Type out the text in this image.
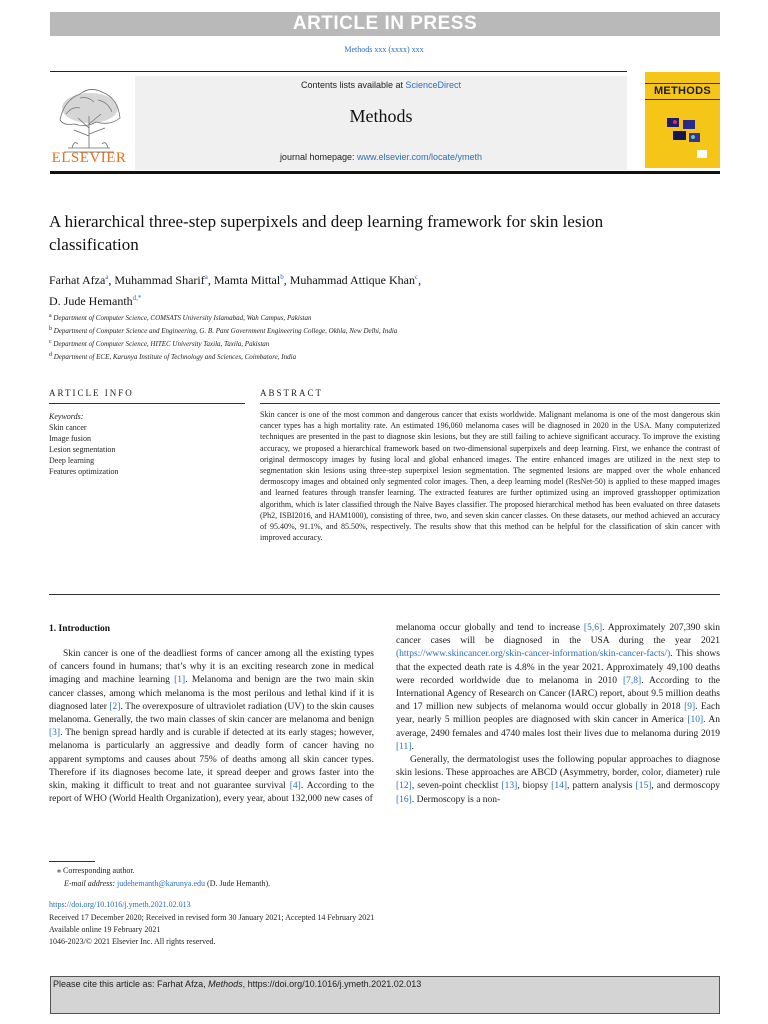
ARTICLE IN PRESS
Methods xxx (xxxx) xxx
ELSEVIER
Contents lists available at ScienceDirect
Methods
journal homepage: www.elsevier.com/locate/ymeth
METHODS
A hierarchical three-step superpixels and deep learning framework for skin lesion classification
Farhat Afza$^a$, Muhammad Sharif$^a$, Mamta Mittal$^b$, Muhammad Attique Khan$^c$,
D. Jude Hemanth$^{d,*}$
$^a$ Department of Computer Science, COMSATS University Islamabad, Wah Campus, Pakistan
$^b$ Department of Computer Science and Engineering, G. B. Pant Government Engineering College, Okhla, New Delhi, India
$^c$ Department of Computer Science, HITEC University Taxila, Taxila, Pakistan
$^d$ Department of ECE, Karunya Institute of Technology and Sciences, Coimbatore, India
ARTICLE INFO	ABSTRACT
Keywords:
Skin cancer
Image fusion
Lesion segmentation
Deep learning
Features optimization
Skin cancer is one of the most common and dangerous cancer that exists worldwide. Malignant melanoma is one of the most dangerous skin cancer types has a high mortality rate. An estimated 196,060 melanoma cases will be diagnosed in 2020 in the USA. Many computerized techniques are presented in the past to diagnose skin lesions, but they are still failing to achieve significant accuracy. To improve the existing accuracy, we proposed a hierarchical framework based on two-dimensional superpixels and deep learning. First, we enhance the contrast of original dermoscopy images by fusing local and global enhanced images. The entire enhanced images are utilized in the next step to segmentation skin lesions using three-step superpixel lesion segmentation. The segmented lesions are mapped over the whole enhanced dermoscopy images and obtained only segmented color images. Then, a deep learning model (ResNet-50) is applied to these mapped images and learned features through transfer learning. The extracted features are further optimized using an improved grasshopper optimization algorithm, which is later classified through the Naïve Bayes classifier. The proposed hierarchical method has been evaluated on three datasets (Ph2, ISBI2016, and HAM1000), consisting of three, two, and seven skin cancer classes. On these datasets, our method achieved an accuracy of 95.40%, 91.1%, and 85.50%, respectively. The results show that this method can be helpful for the classification of skin cancer with improved accuracy.
1. Introduction
Skin cancer is one of the deadliest forms of cancer among all the existing types of cancers found in humans; that’s why it is an exciting research zone in medical imaging and machine learning [1]. Melanoma and benign are the two main skin cancer classes, among which melanoma is the most perilous and lethal kind if it is diagnosed later [2]. The overexposure of ultraviolet radiation (UV) to the skin causes melanoma. Generally, the two main classes of skin cancer are melanoma and benign [3]. The benign spread hardly and is curable if detected at its early stages; however, melanoma is particularly an aggressive and deadly form of cancer having no apparent symptoms and causes about 75% of deaths among all skin cancer types. Therefore if its diagnoses become late, it spread deeper and grows faster into the skin, making it difficult to treat and not guarantee survival [4]. According to the report of WHO (World Health Organization), every year, about 132,000 new cases of

melanoma occur globally and tend to increase [5,6]. Approximately 207,390 skin cancer cases will be diagnosed in the USA during the year 2021 (https://www.skincancer.org/skin-cancer-information/skin-cancer-facts/). This shows that the expected death rate is 4.8% in the year 2021. Approximately 49,100 deaths were recorded worldwide due to melanoma in 2010 [7,8]. According to the International Agency of Research on Cancer (IARC) report, about 9.5 million deaths and 17 million new subjects of melanoma would occur globally in 2018 [9]. Each year, nearly 5 million peoples are diagnosed with skin cancer in America [10]. An average, 2490 females and 4740 males lost their lives due to melanoma during 2019 [11].

Generally, the dermatologist uses the following popular approaches to diagnose skin lesions. These approaches are ABCD (Asymmetry, border, color, diameter) rule [12], seven-point checklist [13], biopsy [14], pattern analysis [15], and dermoscopy [16]. Dermoscopy is a non-

⁎ Corresponding author.
E-mail address: judehemanth@karunya.edu (D. Jude Hemanth).
https://doi.org/10.1016/j.ymeth.2021.02.013
Received 17 December 2020; Received in revised form 30 January 2021; Accepted 14 February 2021
Available online 19 February 2021
1046-2023/© 2021 Elsevier Inc. All rights reserved.
Please cite this article as: Farhat Afza, Methods, https://doi.org/10.1016/j.ymeth.2021.02.013
